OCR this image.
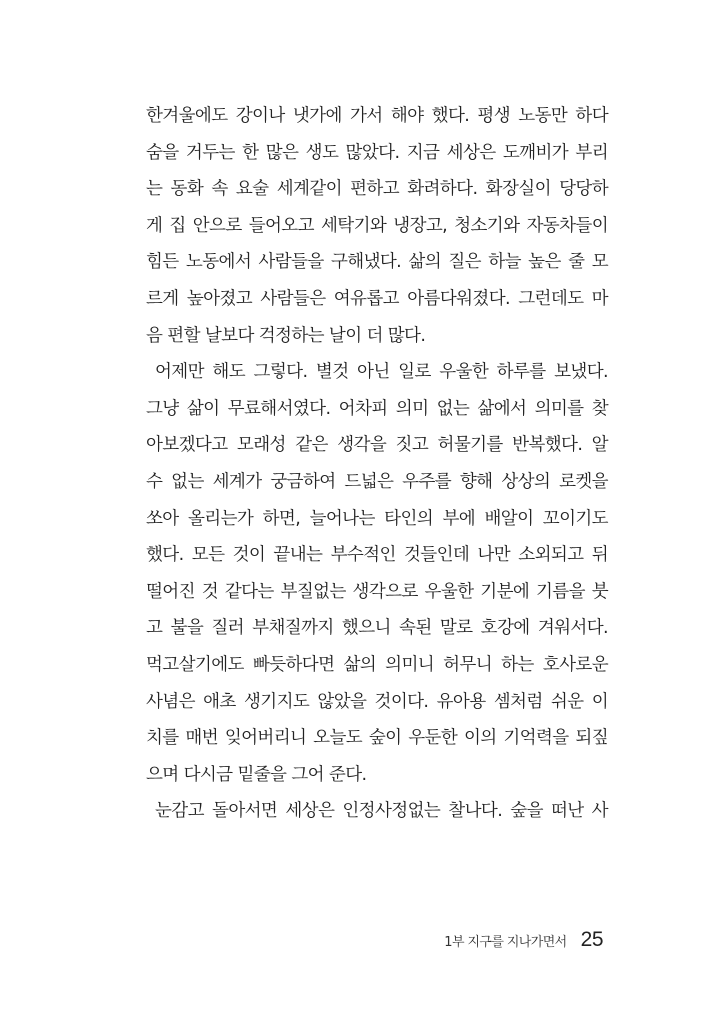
한겨울에도 강이나 냇가에 가서 해야 했다. 평생 노동만 하다
숨을 거두는 한 많은 생도 많았다. 지금 세상은 도깨비가 부리
는 동화 속 요술 세계같이 편하고 화려하다. 화장실이 당당하
게 집 안으로 들어오고 세탁기와 냉장고, 청소기와 자동차들이
힘든 노동에서 사람들을 구해냈다. 삶의 질은 하늘 높은 줄 모
르게 높아졌고 사람들은 여유롭고 아름다워졌다. 그런데도 마
음 편할 날보다 걱정하는 날이 더 많다.
어제만 해도 그렇다. 별것 아닌 일로 우울한 하루를 보냈다.
그냥 삶이 무료해서였다. 어차피 의미 없는 삶에서 의미를 찾
아보겠다고 모래성 같은 생각을 짓고 허물기를 반복했다. 알
수 없는 세계가 궁금하여 드넓은 우주를 향해 상상의 로켓을
쏘아 올리는가 하면, 늘어나는 타인의 부에 배알이 꼬이기도
했다. 모든 것이 끝내는 부수적인 것들인데 나만 소외되고 뒤
떨어진 것 같다는 부질없는 생각으로 우울한 기분에 기름을 붓
고 불을 질러 부채질까지 했으니 속된 말로 호강에 겨워서다.
먹고살기에도 빠듯하다면 삶의 의미니 허무니 하는 호사로운
사념은 애초 생기지도 않았을 것이다. 유아용 셈처럼 쉬운 이
치를 매번 잊어버리니 오늘도 숲이 우둔한 이의 기억력을 되짚
으며 다시금 밑줄을 그어 준다.
눈감고 돌아서면 세상은 인정사정없는 찰나다. 숲을 떠난 사
1부 지구를 지나가면서 25
